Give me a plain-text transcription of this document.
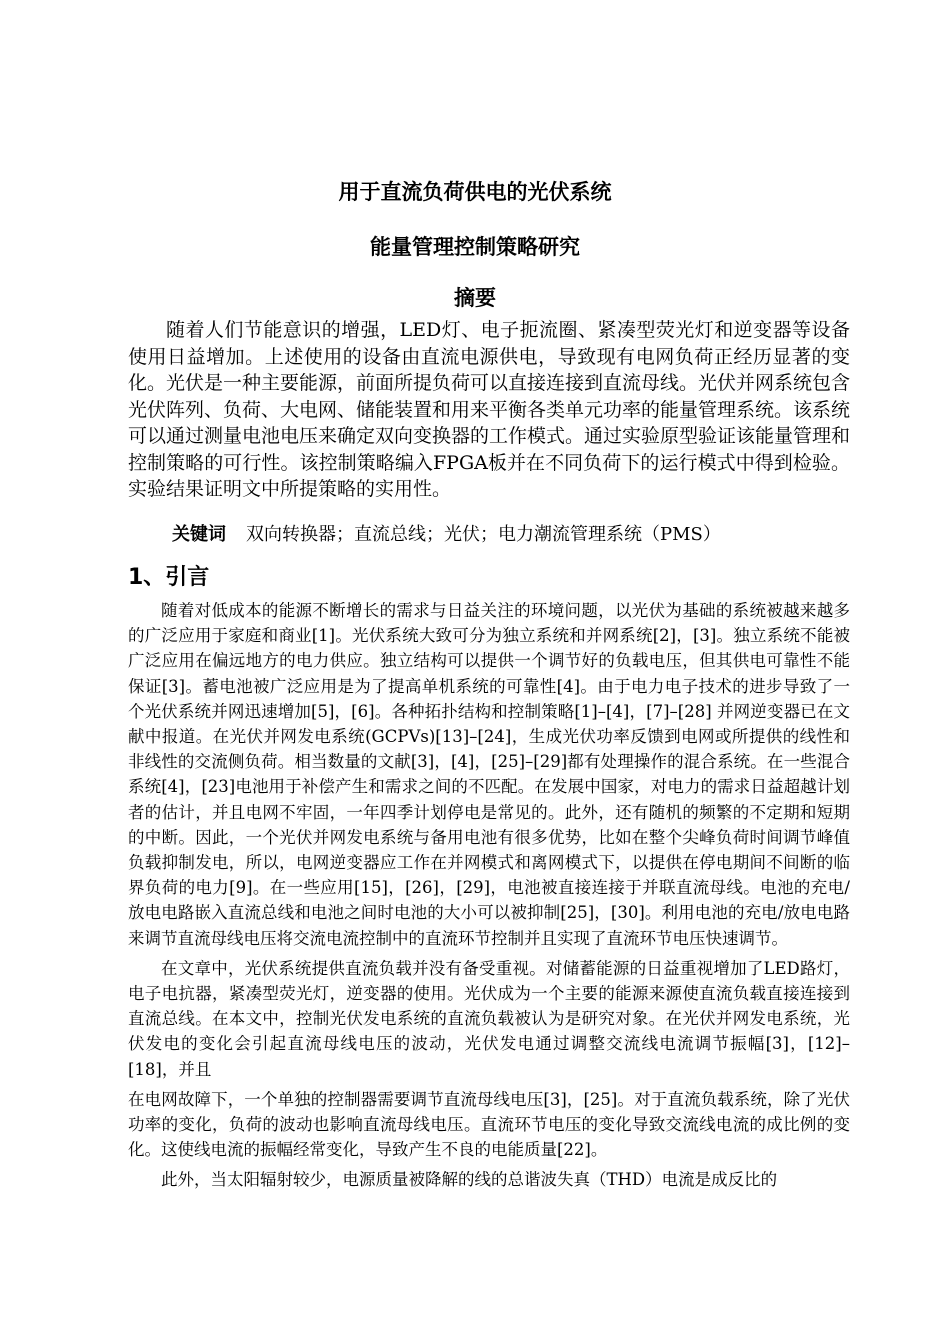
用于直流负荷供电的光伏系统
能量管理控制策略研究
摘要

随着人们节能意识的增强，LED灯、电子扼流圈、紧凑型荧光灯和逆变器等设备使用日益增加。上述使用的设备由直流电源供电，导致现有电网负荷正经历显著的变化。光伏是一种主要能源，前面所提负荷可以直接连接到直流母线。光伏并网系统包含光伏阵列、负荷、大电网、储能装置和用来平衡各类单元功率的能量管理系统。该系统可以通过测量电池电压来确定双向变换器的工作模式。通过实验原型验证该能量管理和控制策略的可行性。该控制策略编入FPGA板并在不同负荷下的运行模式中得到检验。实验结果证明文中所提策略的实用性。

关键词 双向转换器；直流总线；光伏；电力潮流管理系统（PMS）

1、引言

随着对低成本的能源不断增长的需求与日益关注的环境问题，以光伏为基础的系统被越来越多的广泛应用于家庭和商业[1]。光伏系统大致可分为独立系统和并网系统[2]，[3]。独立系统不能被广泛应用在偏远地方的电力供应。独立结构可以提供一个调节好的负载电压，但其供电可靠性不能保证[3]。蓄电池被广泛应用是为了提高单机系统的可靠性[4]。由于电力电子技术的进步导致了一个光伏系统并网迅速增加[5]，[6]。各种拓扑结构和控制策略[1]–[4]，[7]–[28] 并网逆变器已在文献中报道。在光伏并网发电系统(GCPVs)[13]–[24]，生成光伏功率反馈到电网或所提供的线性和非线性的交流侧负荷。相当数量的文献[3]，[4]，[25]–[29]都有处理操作的混合系统。在一些混合系统[4]，[23]电池用于补偿产生和需求之间的不匹配。在发展中国家，对电力的需求日益超越计划者的估计，并且电网不牢固，一年四季计划停电是常见的。此外，还有随机的频繁的不定期和短期的中断。因此，一个光伏并网发电系统与备用电池有很多优势，比如在整个尖峰负荷时间调节峰值负载抑制发电，所以，电网逆变器应工作在并网模式和离网模式下，以提供在停电期间不间断的临界负荷的电力[9]。在一些应用[15]，[26]，[29]，电池被直接连接于并联直流母线。电池的充电/放电电路嵌入直流总线和电池之间时电池的大小可以被抑制[25]，[30]。利用电池的充电/放电电路来调节直流母线电压将交流电流控制中的直流环节控制并且实现了直流环节电压快速调节。

在文章中，光伏系统提供直流负载并没有备受重视。对储蓄能源的日益重视增加了LED路灯，电子电抗器，紧凑型荧光灯，逆变器的使用。光伏成为一个主要的能源来源使直流负载直接连接到直流总线。在本文中，控制光伏发电系统的直流负载被认为是研究对象。在光伏并网发电系统，光伏发电的变化会引起直流母线电压的波动，光伏发电通过调整交流线电流调节振幅[3]，[12]–[18]，并且

在电网故障下，一个单独的控制器需要调节直流母线电压[3]，[25]。对于直流负载系统，除了光伏功率的变化，负荷的波动也影响直流母线电压。直流环节电压的变化导致交流线电流的成比例的变化。这使线电流的振幅经常变化，导致产生不良的电能质量[22]。

此外，当太阳辐射较少，电源质量被降解的线的总谐波失真（THD）电流是成反比的
